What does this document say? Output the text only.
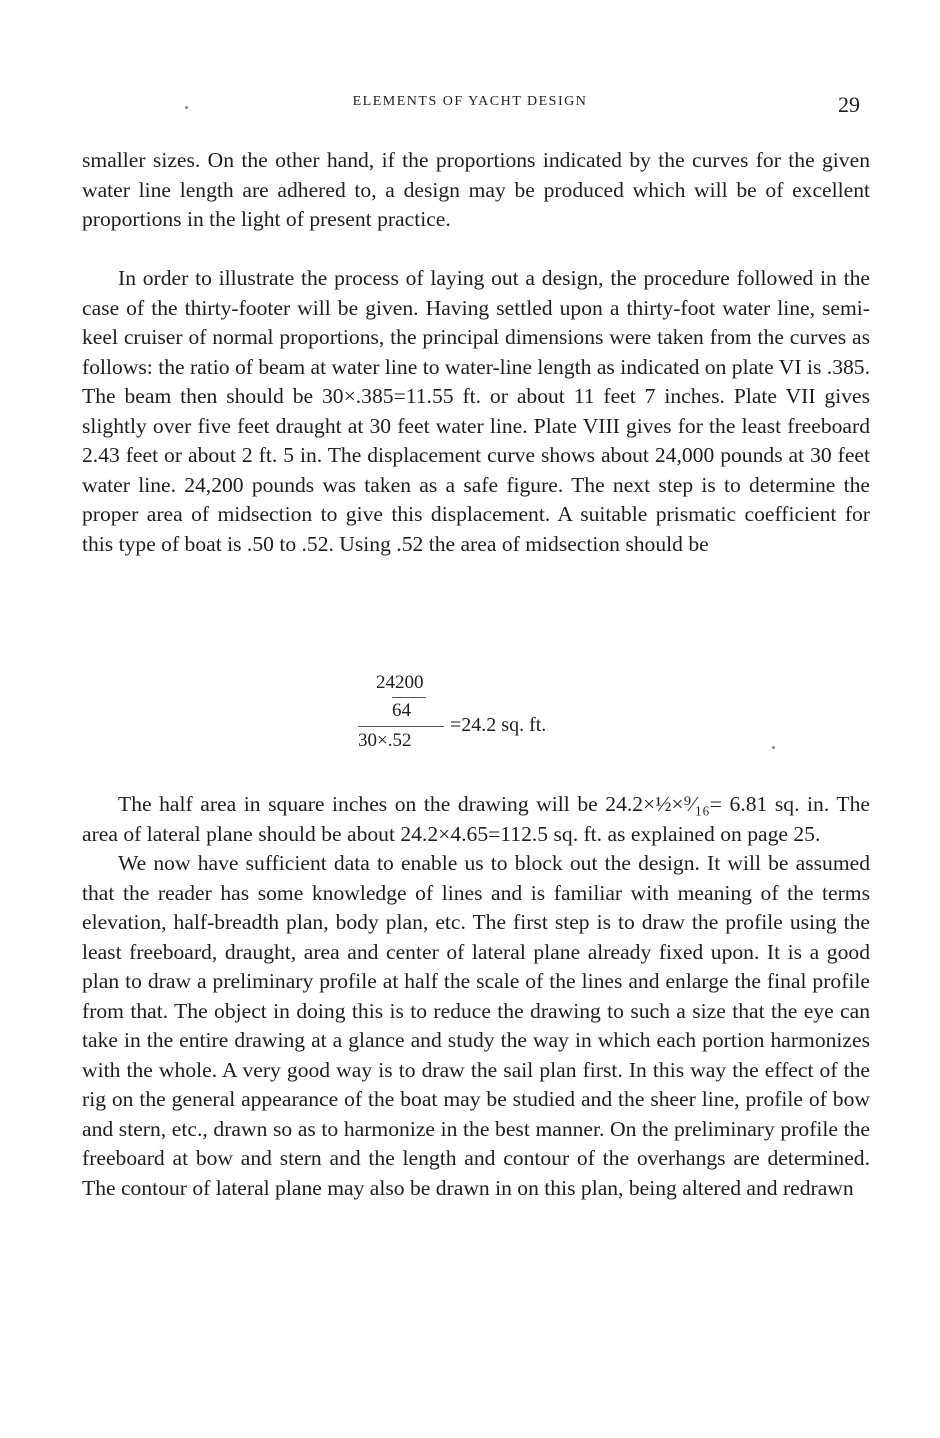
ELEMENTS OF YACHT DESIGN	29
smaller sizes. On the other hand, if the proportions indicated by the curves for the given water line length are adhered to, a design may be produced which will be of excellent proportions in the light of present practice.
In order to illustrate the process of laying out a design, the procedure followed in the case of the thirty-footer will be given. Having settled upon a thirty-foot water line, semi-keel cruiser of normal proportions, the principal dimensions were taken from the curves as follows: the ratio of beam at water line to water-line length as indicated on plate VI is .385. The beam then should be 30×.385=11.55 ft. or about 11 feet 7 inches. Plate VII gives slightly over five feet draught at 30 feet water line. Plate VIII gives for the least freeboard 2.43 feet or about 2 ft. 5 in. The displacement curve shows about 24,000 pounds at 30 feet water line. 24,200 pounds was taken as a safe figure. The next step is to determine the proper area of midsection to give this displacement. A suitable prismatic coefficient for this type of boat is .50 to .52. Using .52 the area of midsection should be
24200
64
30×.52
=24.2 sq. ft.
The half area in square inches on the drawing will be 24.2×½×⁹⁄₁₆= 6.81 sq. in. The area of lateral plane should be about 24.2×4.65=112.5 sq. ft. as explained on page 25.
We now have sufficient data to enable us to block out the design. It will be assumed that the reader has some knowledge of lines and is familiar with meaning of the terms elevation, half-breadth plan, body plan, etc. The first step is to draw the profile using the least freeboard, draught, area and center of lateral plane already fixed upon. It is a good plan to draw a preliminary profile at half the scale of the lines and enlarge the final profile from that. The object in doing this is to reduce the drawing to such a size that the eye can take in the entire drawing at a glance and study the way in which each portion harmonizes with the whole. A very good way is to draw the sail plan first. In this way the effect of the rig on the general appearance of the boat may be studied and the sheer line, profile of bow and stern, etc., drawn so as to harmonize in the best manner. On the preliminary profile the freeboard at bow and stern and the length and contour of the overhangs are determined. The contour of lateral plane may also be drawn in on this plan, being altered and redrawn
